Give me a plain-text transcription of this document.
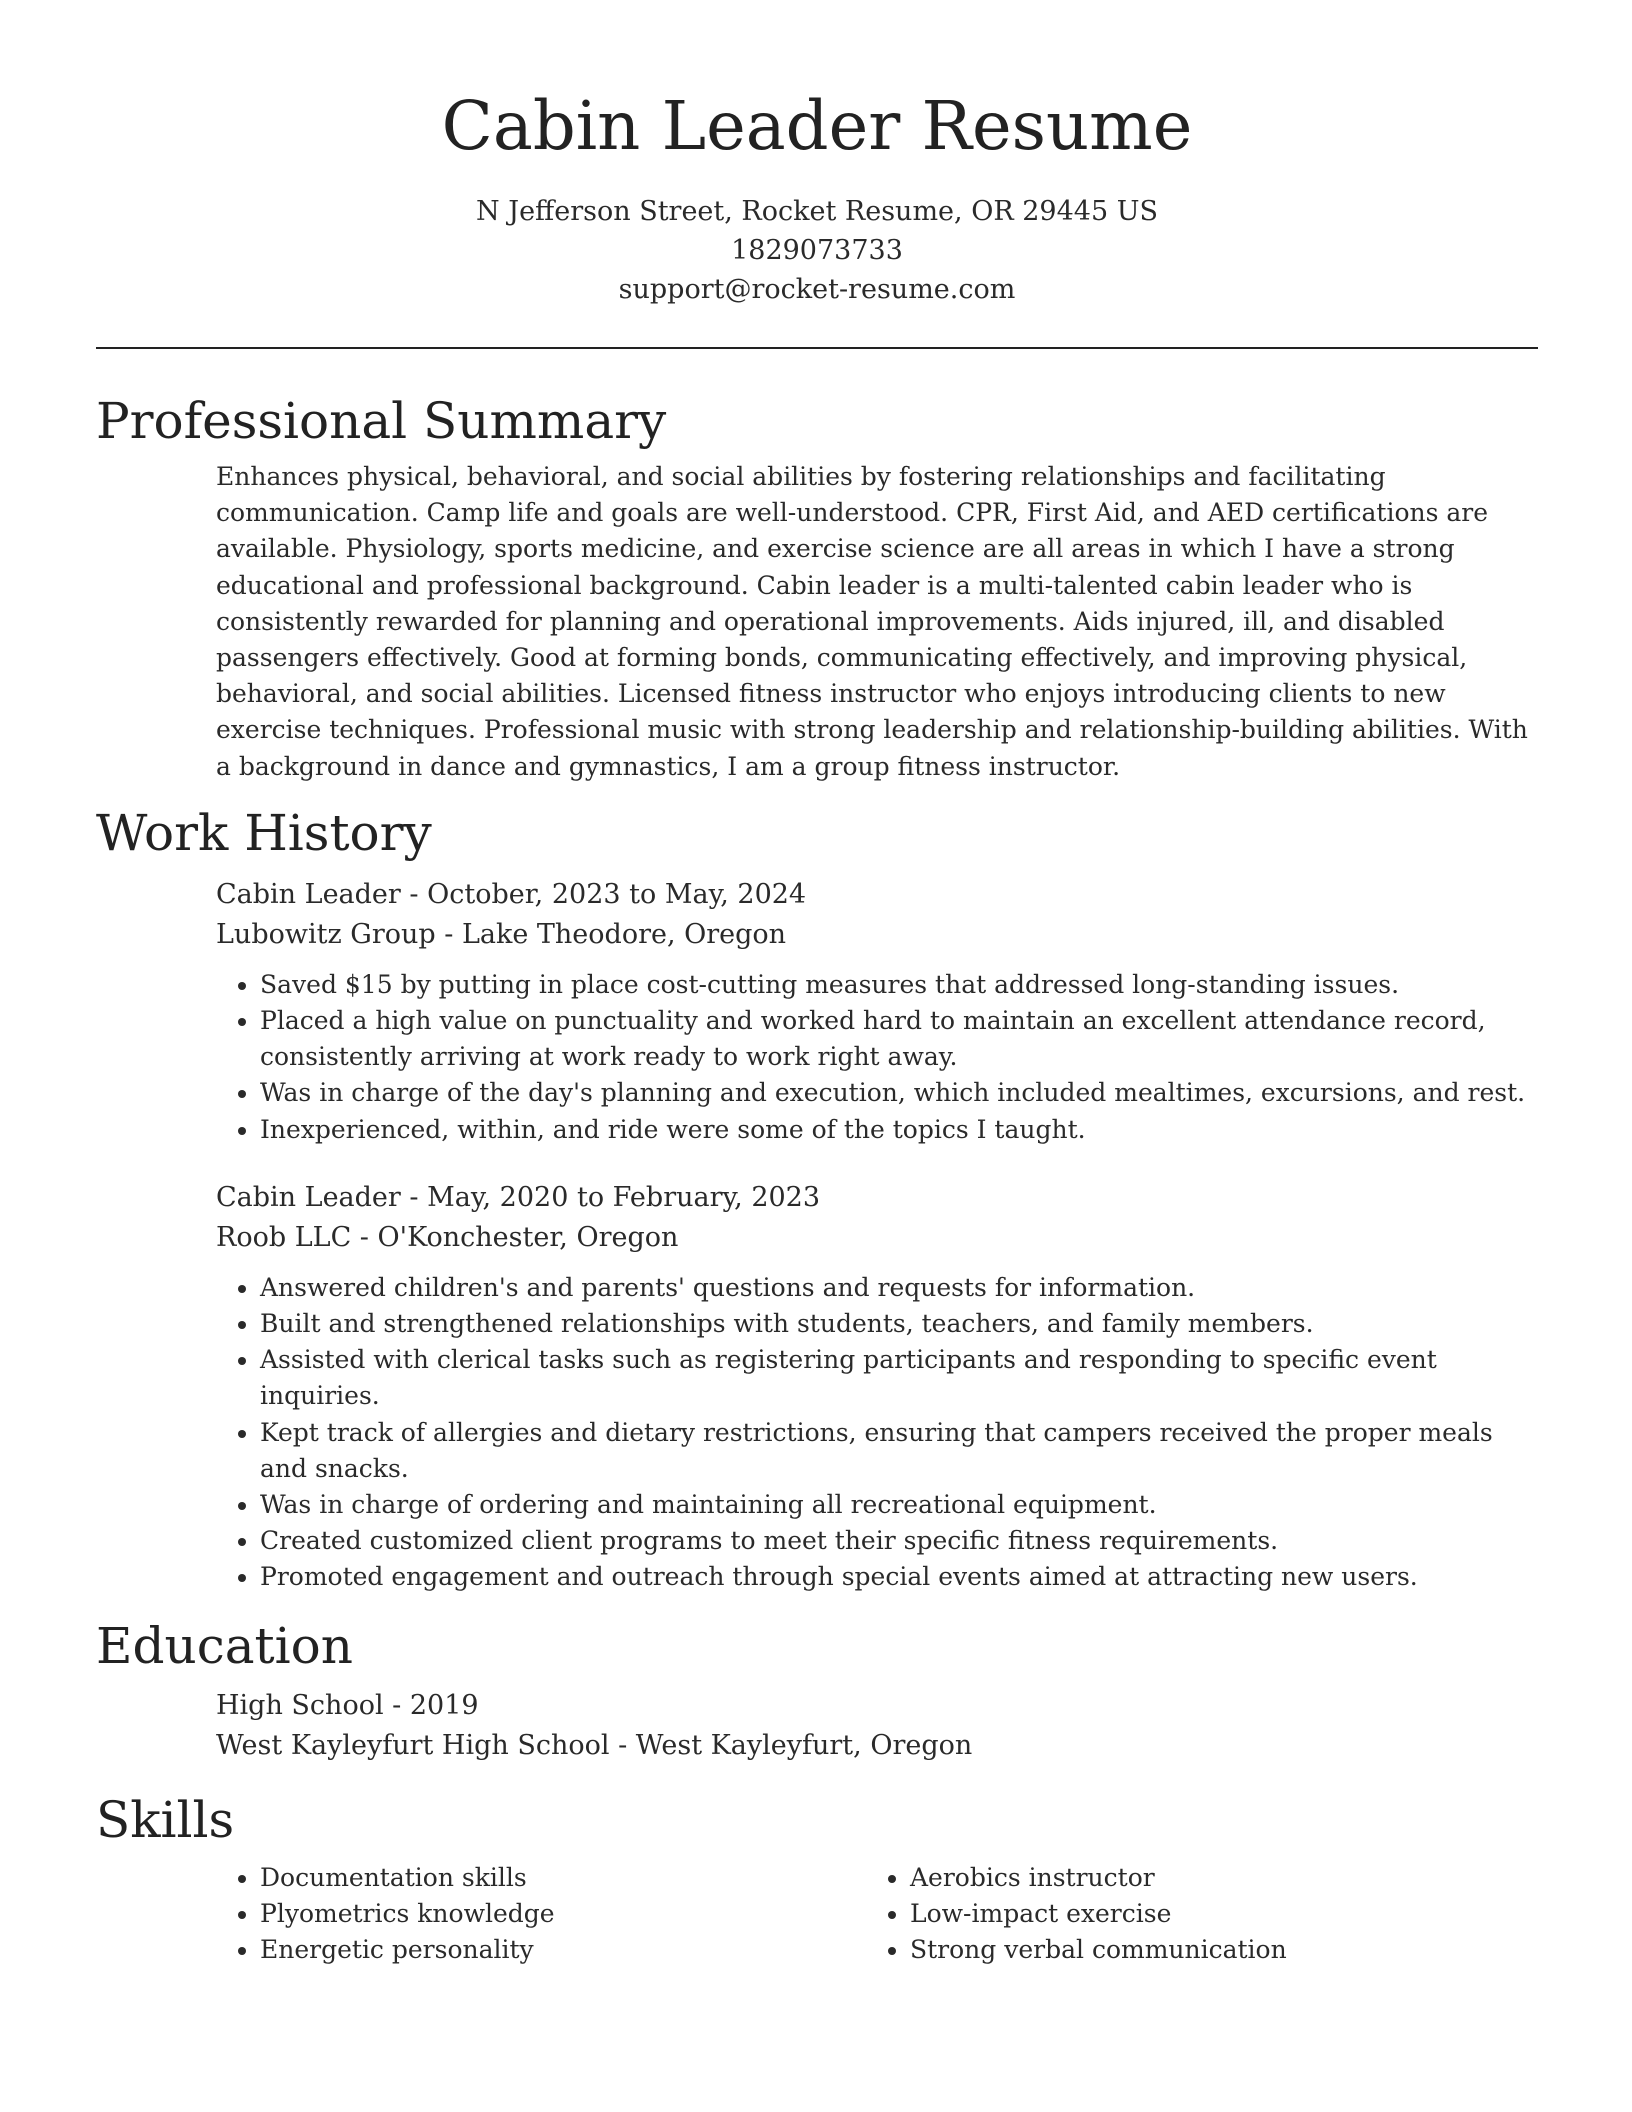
Cabin Leader Resume
N Jefferson Street, Rocket Resume, OR 29445 US
1829073733
support@rocket-resume.com
Professional Summary

Enhances physical, behavioral, and social abilities by fostering relationships and facilitating communication. Camp life and goals are well-understood. CPR, First Aid, and AED certifications are available. Physiology, sports medicine, and exercise science are all areas in which I have a strong educational and professional background. Cabin leader is a multi-talented cabin leader who is consistently rewarded for planning and operational improvements. Aids injured, ill, and disabled passengers effectively. Good at forming bonds, communicating effectively, and improving physical, behavioral, and social abilities. Licensed fitness instructor who enjoys introducing clients to new exercise techniques. Professional music with strong leadership and relationship-building abilities. With a background in dance and gymnastics, I am a group fitness instructor.

Work History
Cabin Leader - October, 2023 to May, 2024
Lubowitz Group - Lake Theodore, Oregon
• Saved $15 by putting in place cost-cutting measures that addressed long-standing issues.
• Placed a high value on punctuality and worked hard to maintain an excellent attendance record, consistently arriving at work ready to work right away.
• Was in charge of the day's planning and execution, which included mealtimes, excursions, and rest.
• Inexperienced, within, and ride were some of the topics I taught.
Cabin Leader - May, 2020 to February, 2023
Roob LLC - O'Konchester, Oregon
• Answered children's and parents' questions and requests for information.
• Built and strengthened relationships with students, teachers, and family members.
• Assisted with clerical tasks such as registering participants and responding to specific event inquiries.
• Kept track of allergies and dietary restrictions, ensuring that campers received the proper meals and snacks.
• Was in charge of ordering and maintaining all recreational equipment.
• Created customized client programs to meet their specific fitness requirements.
• Promoted engagement and outreach through special events aimed at attracting new users.
Education
High School - 2019
West Kayleyfurt High School - West Kayleyfurt, Oregon
Skills
• Documentation skills
• Plyometrics knowledge
• Energetic personality
• Aerobics instructor
• Low-impact exercise
• Strong verbal communication
